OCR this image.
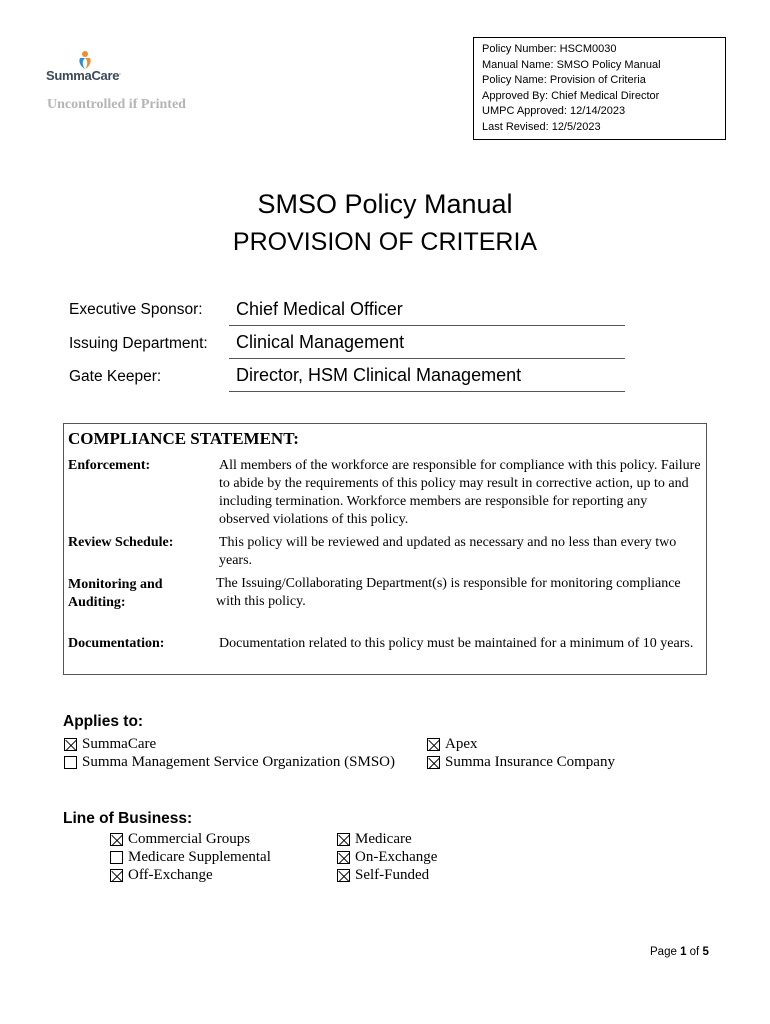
SummaCare.
Uncontrolled if Printed
Policy Number: HSCM0030
Manual Name: SMSO Policy Manual
Policy Name: Provision of Criteria
Approved By: Chief Medical Director
UMPC Approved: 12/14/2023
Last Revised: 12/5/2023
SMSO Policy Manual
PROVISION OF CRITERIA
Executive Sponsor: Chief Medical Officer
Issuing Department: Clinical Management
Gate Keeper:	Director, HSM Clinical Management
COMPLIANCE STATEMENT:
Enforcement:	All members of the workforce are responsible for compliance with this policy. Failure to abide by the requirements of this policy may result in corrective action, up to and including termination. Workforce members are responsible for reporting any observed violations of this policy.
Review Schedule:	This policy will be reviewed and updated as necessary and no less than every two years.
Monitoring and Auditing:
The Issuing/Collaborating Department(s) is responsible for monitoring compliance with this policy.
Documentation:	Documentation related to this policy must be maintained for a minimum of 10 years.
Applies to:
SummaCare
Summa Management Service Organization (SMSO)
Apex
Summa Insurance Company
Line of Business:
Commercial Groups
Medicare Supplemental
Off-Exchange
Medicare
On-Exchange
Self-Funded
Page 1 of 5
